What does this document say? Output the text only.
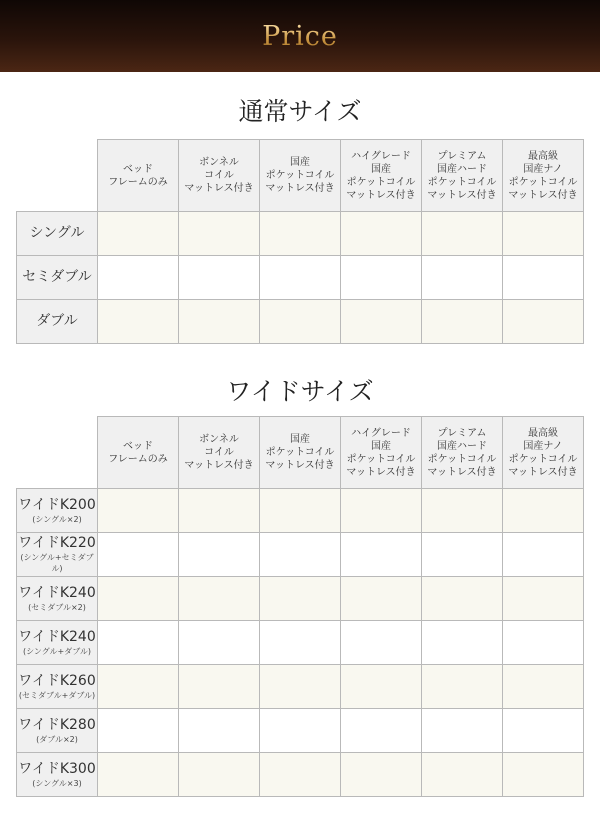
Price
通常サイズ
	ベッド
フレームのみ	ボンネル
コイル
マットレス付き	国産
ポケットコイル
マットレス付き	ハイグレード
国産
ポケットコイル
マットレス付き	プレミアム
国産ハード
ポケットコイル
マットレス付き	最高級
国産ナノ
ポケットコイル
マットレス付き

シングル						

セミダブル						

ダブル						

ワイドサイズ
	ベッド
フレームのみ	ボンネル
コイル
マットレス付き	国産
ポケットコイル
マットレス付き	ハイグレード
国産
ポケットコイル
マットレス付き	プレミアム
国産ハード
ポケットコイル
マットレス付き	最高級
国産ナノ
ポケットコイル
マットレス付き

ワイドK200
(シングル×2)						

ワイドK220
(シングル+セミダブル)						

ワイドK240
(セミダブル×2)						

ワイドK240
(シングル+ダブル)						

ワイドK260
(セミダブル+ダブル)						

ワイドK280
(ダブル×2)						

ワイドK300
(シングル×3)						
